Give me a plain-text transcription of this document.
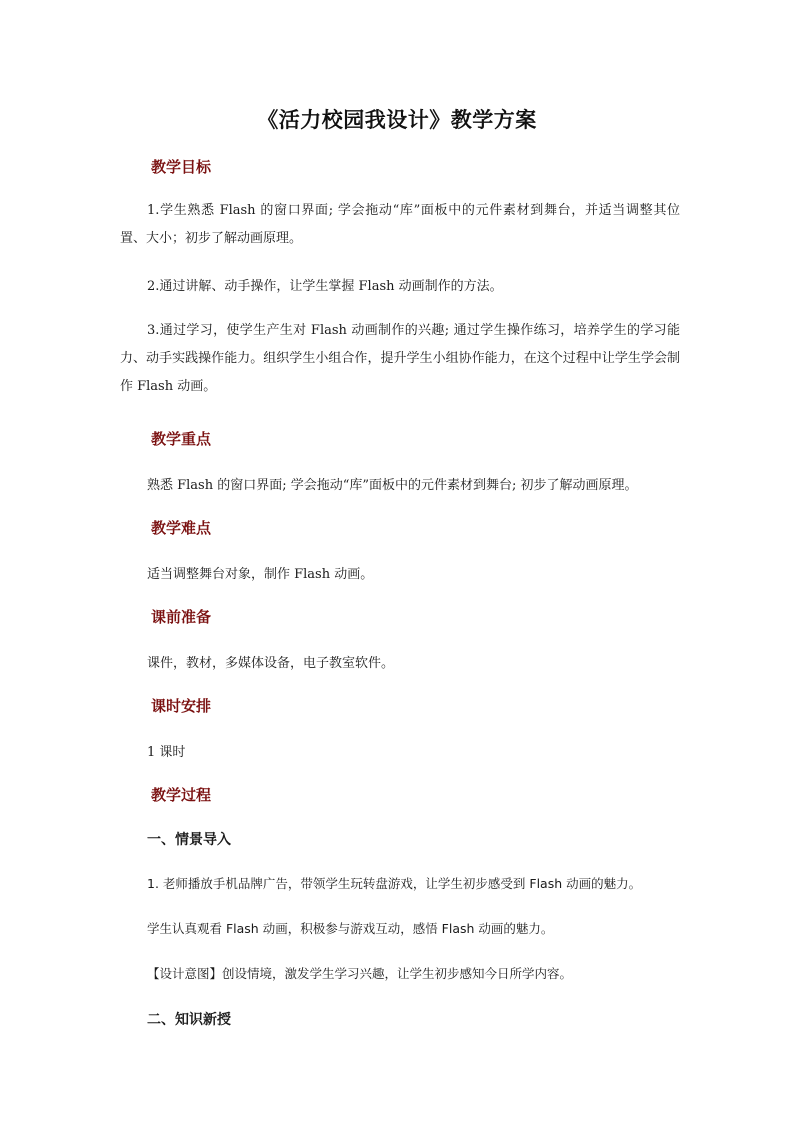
《活力校园我设计》教学方案
教学目标
1.学生熟悉 Flash 的窗口界面; 学会拖动“库”面板中的元件素材到舞台，并适当调整其位置、大小；初步了解动画原理。
2.通过讲解、动手操作，让学生掌握 Flash 动画制作的方法。
3.通过学习，使学生产生对 Flash 动画制作的兴趣; 通过学生操作练习，培养学生的学习能力、动手实践操作能力。组织学生小组合作，提升学生小组协作能力，在这个过程中让学生学会制作 Flash 动画。
教学重点
熟悉 Flash 的窗口界面; 学会拖动“库”面板中的元件素材到舞台; 初步了解动画原理。
教学难点
适当调整舞台对象，制作 Flash 动画。
课前准备
课件，教材，多媒体设备，电子教室软件。
课时安排
1 课时
教学过程
一、情景导入
1. 老师播放手机品牌广告，带领学生玩转盘游戏，让学生初步感受到 Flash 动画的魅力。
学生认真观看 Flash 动画，积极参与游戏互动，感悟 Flash 动画的魅力。
【设计意图】创设情境，激发学生学习兴趣，让学生初步感知今日所学内容。
二、知识新授
